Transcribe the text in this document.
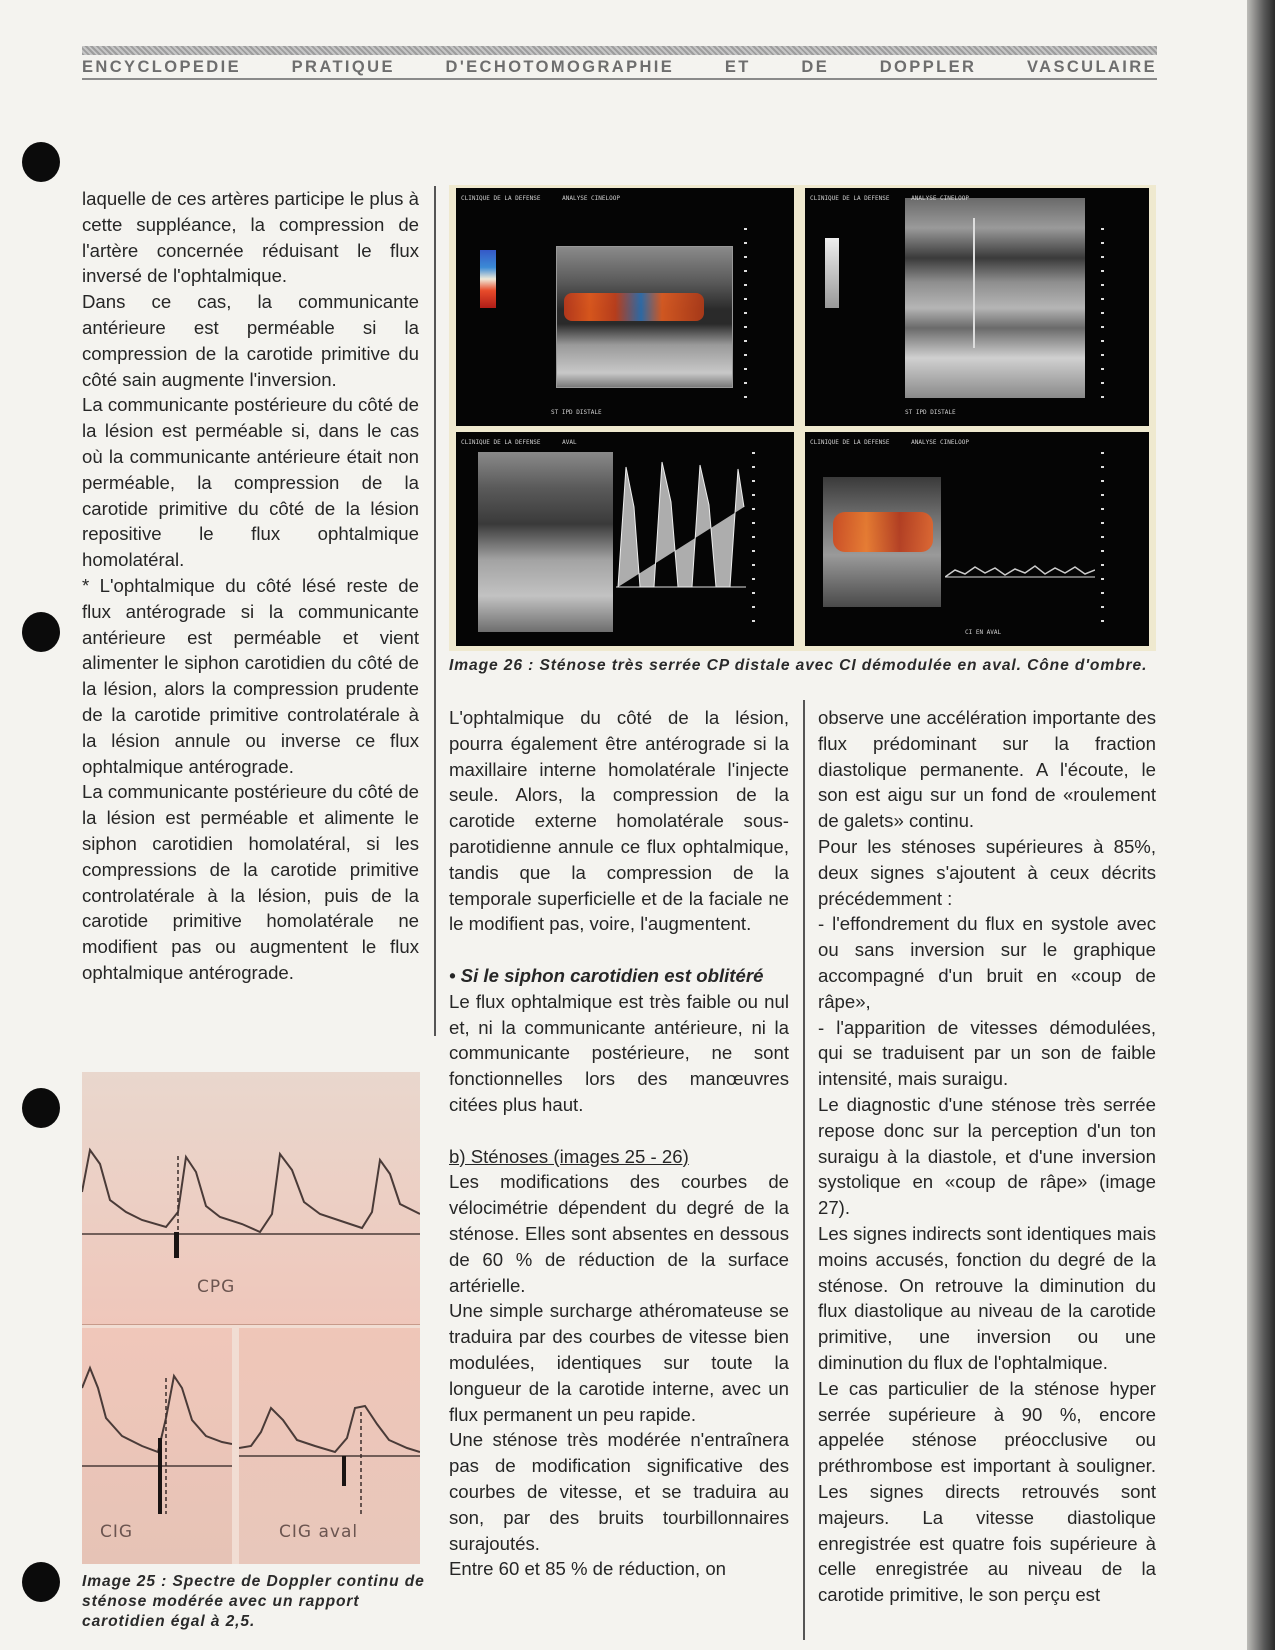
ENCYCLOPEDIE PRATIQUE D'ECHOTOMOGRAPHIE ET DE DOPPLER VASCULAIRE

laquelle de ces artères participe le plus à cette suppléance, la compression de l'artère concernée réduisant le flux inversé de l'ophtalmique.

Dans ce cas, la communicante antérieure est perméable si la compression de la carotide primitive du côté sain augmente l'inversion.

La communicante postérieure du côté de la lésion est perméable si, dans le cas où la communicante antérieure était non perméable, la compression de la carotide primitive du côté de la lésion repositive le flux ophtalmique homolatéral.

* L'ophtalmique du côté lésé reste de flux antérograde si la communicante antérieure est perméable et vient alimenter le siphon carotidien du côté de la lésion, alors la compression prudente de la carotide primitive controlatérale à la lésion annule ou inverse ce flux ophtalmique antérograde.

La communicante postérieure du côté de la lésion est perméable et alimente le siphon carotidien homolatéral, si les compressions de la carotide primitive controlatérale à la lésion, puis de la carotide primitive homolatérale ne modifient pas ou augmentent le flux ophtalmique antérograde.

CLINIQUE DE LA DEFENSE      ANALYSE CINELOOP
ST IPD DISTALE
CLINIQUE DE LA DEFENSE      ANALYSE CINELOOP
ST IPD DISTALE
CLINIQUE DE LA DEFENSE      AVAL	CLINIQUE DE LA DEFENSE      ANALYSE CINELOOP
CI EN AVAL
Image 26 : Sténose très serrée CP distale avec CI démodulée en aval. Cône d'ombre.
CPG
CIG	CIG aval
Image 25 : Spectre de Doppler continu de sténose modérée avec un rapport carotidien égal à 2,5.

L'ophtalmique du côté de la lésion, pourra également être antérograde si la maxillaire interne homolatérale l'injecte seule. Alors, la compression de la carotide externe homolatérale sous-parotidienne annule ce flux ophtalmique, tandis que la compression de la temporale superficielle et de la faciale ne le modifient pas, voire, l'augmentent.

• Si le siphon carotidien est oblitéré

Le flux ophtalmique est très faible ou nul et, ni la communicante antérieure, ni la communicante postérieure, ne sont fonctionnelles lors des manœuvres citées plus haut.

b) Sténoses (images 25 - 26)

Les modifications des courbes de vélocimétrie dépendent du degré de la sténose. Elles sont absentes en dessous de 60 % de réduction de la surface artérielle.

Une simple surcharge athéromateuse se traduira par des courbes de vitesse bien modulées, identiques sur toute la longueur de la carotide interne, avec un flux permanent un peu rapide.

Une sténose très modérée n'entraînera pas de modification significative des courbes de vitesse, et se traduira au son, par des bruits tourbillonnaires surajoutés.

Entre 60 et 85 % de réduction, on

observe une accélération importante des flux prédominant sur la fraction diastolique permanente. A l'écoute, le son est aigu sur un fond de «roulement de galets» continu.

Pour les sténoses supérieures à 85%, deux signes s'ajoutent à ceux décrits précédemment :

- l'effondrement du flux en systole avec ou sans inversion sur le graphique accompagné d'un bruit en «coup de râpe»,

- l'apparition de vitesses démodulées, qui se traduisent par un son de faible intensité, mais suraigu.

Le diagnostic d'une sténose très serrée repose donc sur la perception d'un ton suraigu à la diastole, et d'une inversion systolique en «coup de râpe» (image 27).

Les signes indirects sont identiques mais moins accusés, fonction du degré de la sténose. On retrouve la diminution du flux diastolique au niveau de la carotide primitive, une inversion ou une diminution du flux de l'ophtalmique.

Le cas particulier de la sténose hyper serrée supérieure à 90 %, encore appelée sténose préocclusive ou préthrombose est important à souligner. Les signes directs retrouvés sont majeurs. La vitesse diastolique enregistrée est quatre fois supérieure à celle enregistrée au niveau de la carotide primitive, le son perçu est
